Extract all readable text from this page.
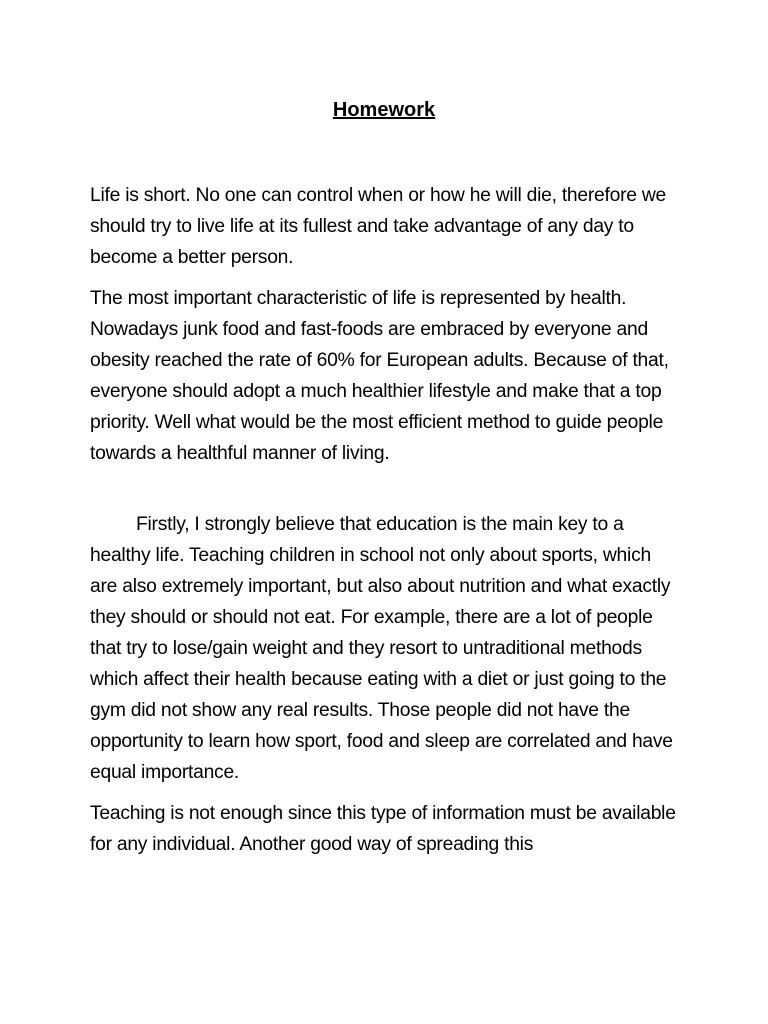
Homework

Life is short. No one can control when or how he will die, therefore we should try to live life at its fullest and take advantage of any day to become a better person.

The most important characteristic of life is represented by health. Nowadays junk food and fast-foods are embraced by everyone and obesity reached the rate of 60% for European adults. Because of that, everyone should adopt a much healthier lifestyle and make that a top priority. Well what would be the most efficient method to guide people towards a healthful manner of living.

Firstly, I strongly believe that education is the main key to a healthy life. Teaching children in school not only about sports, which are also extremely important, but also about nutrition and what exactly they should or should not eat. For example, there are a lot of people that try to lose/gain weight and they resort to untraditional methods which affect their health because eating with a diet or just going to the gym did not show any real results. Those people did not have the opportunity to learn how sport, food and sleep are correlated and have equal importance.

Teaching is not enough since this type of information must be available for any individual. Another good way of spreading this
